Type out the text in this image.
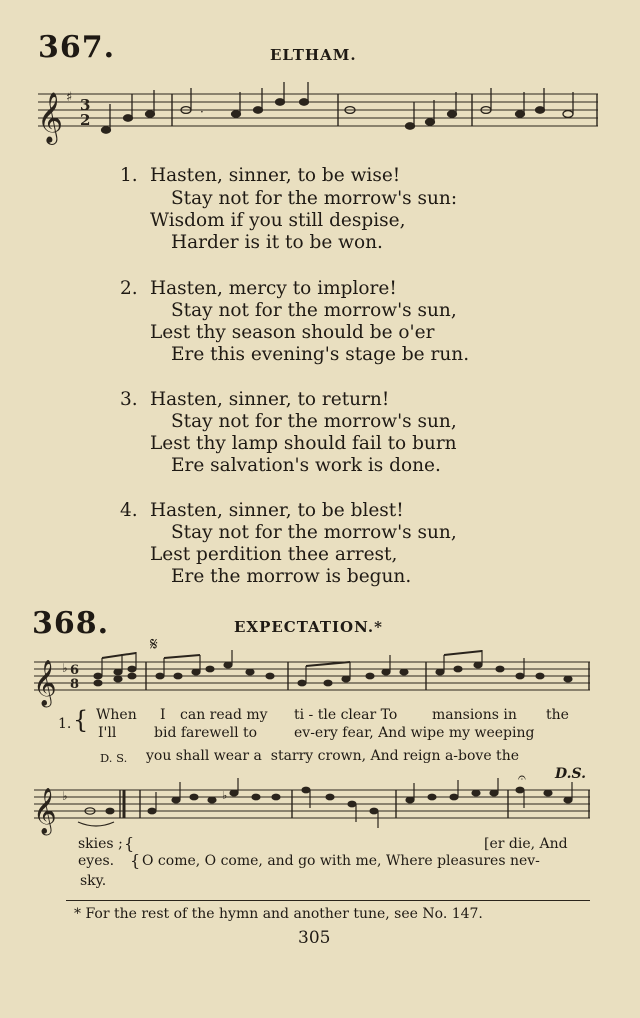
367.	ELTHAM.
𝄞 ♯ 3
2	·
1. Hasten, sinner, to be wise!
Stay not for the morrow's sun:
Wisdom if you still despise,
Harder is it to be won.
2. Hasten, mercy to implore!
Stay not for the morrow's sun,
Lest thy season should be o'er
Ere this evening's stage be run.
3. Hasten, sinner, to return!
Stay not for the morrow's sun,
Lest thy lamp should fail to burn
Ere salvation's work is done.
4. Hasten, sinner, to be blest!
Stay not for the morrow's sun,
Lest perdition thee arrest,
Ere the morrow is begun.
368.	EXPECTATION.*
𝄋
𝄞 ♭ 6
8
1. { When I can read my ti - tle clear To mansions in the
I'll	bid farewell to	ev-ery fear, And wipe my weeping
D. S. you shall wear a  starry crown, And reign a-bove the
𝄐 D.S.
𝄞 ♭	♭
skies ; {	[er die, And
eyes. { O come, O come, and go with me, Where pleasures nev-
sky.
* For the rest of the hymn and another tune, see No. 147.
305
